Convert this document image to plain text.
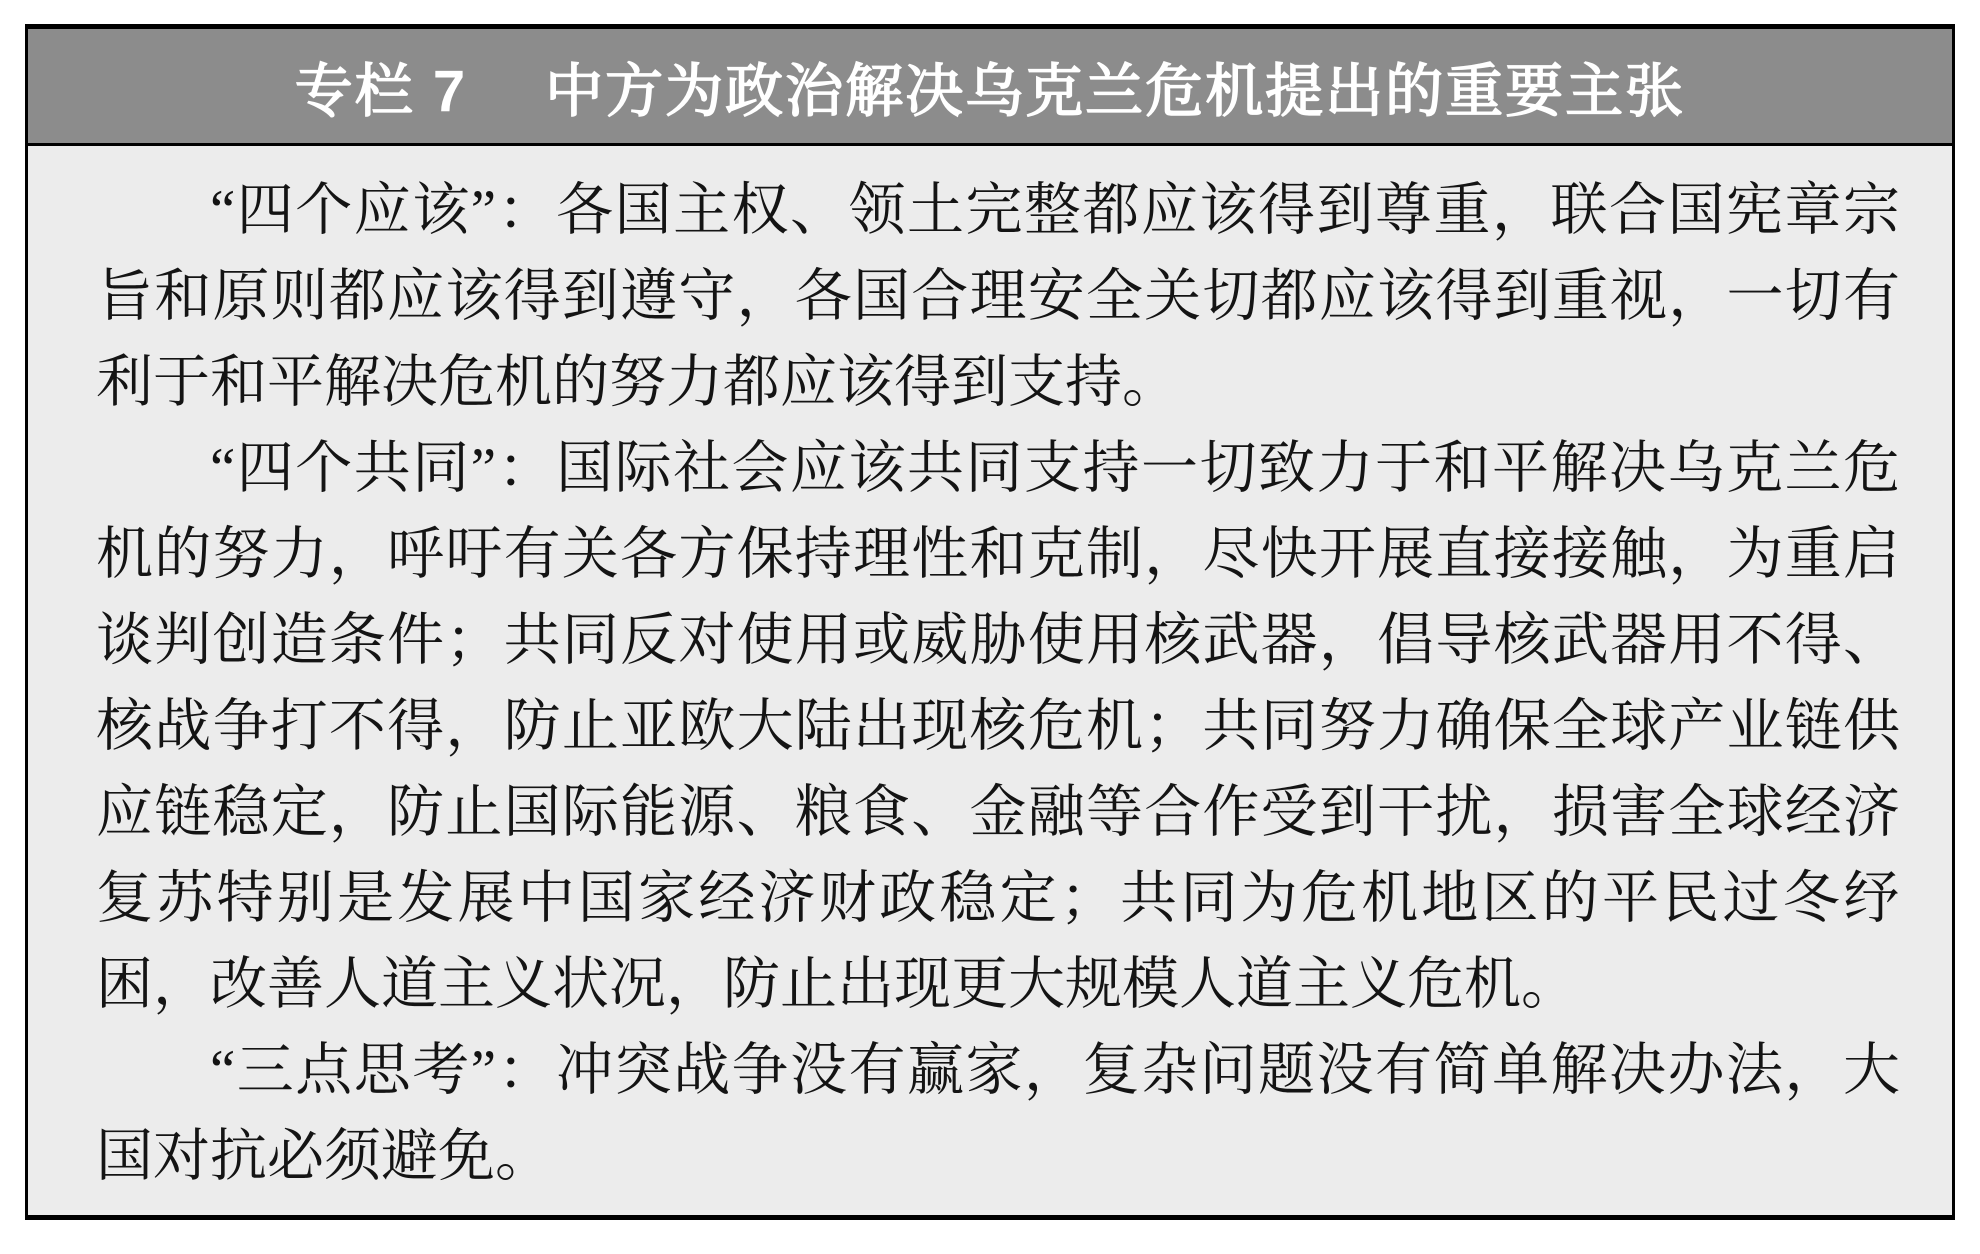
专栏 7 中方为政治解决乌克兰危机提出的重要主张

“四个应该”：各国主权、领土完整都应该得到尊重，联合国宪章宗旨和原则都应该得到遵守，各国合理安全关切都应该得到重视，一切有利于和平解决危机的努力都应该得到支持。

“四个共同”：国际社会应该共同支持一切致力于和平解决乌克兰危机的努力，呼吁有关各方保持理性和克制，尽快开展直接接触，为重启谈判创造条件；共同反对使用或威胁使用核武器，倡导核武器用不得、核战争打不得，防止亚欧大陆出现核危机；共同努力确保全球产业链供应链稳定，防止国际能源、粮食、金融等合作受到干扰，损害全球经济复苏特别是发展中国家经济财政稳定；共同为危机地区的平民过冬纾困，改善人道主义状况，防止出现更大规模人道主义危机。

“三点思考”：冲突战争没有赢家，复杂问题没有简单解决办法，大国对抗必须避免。
